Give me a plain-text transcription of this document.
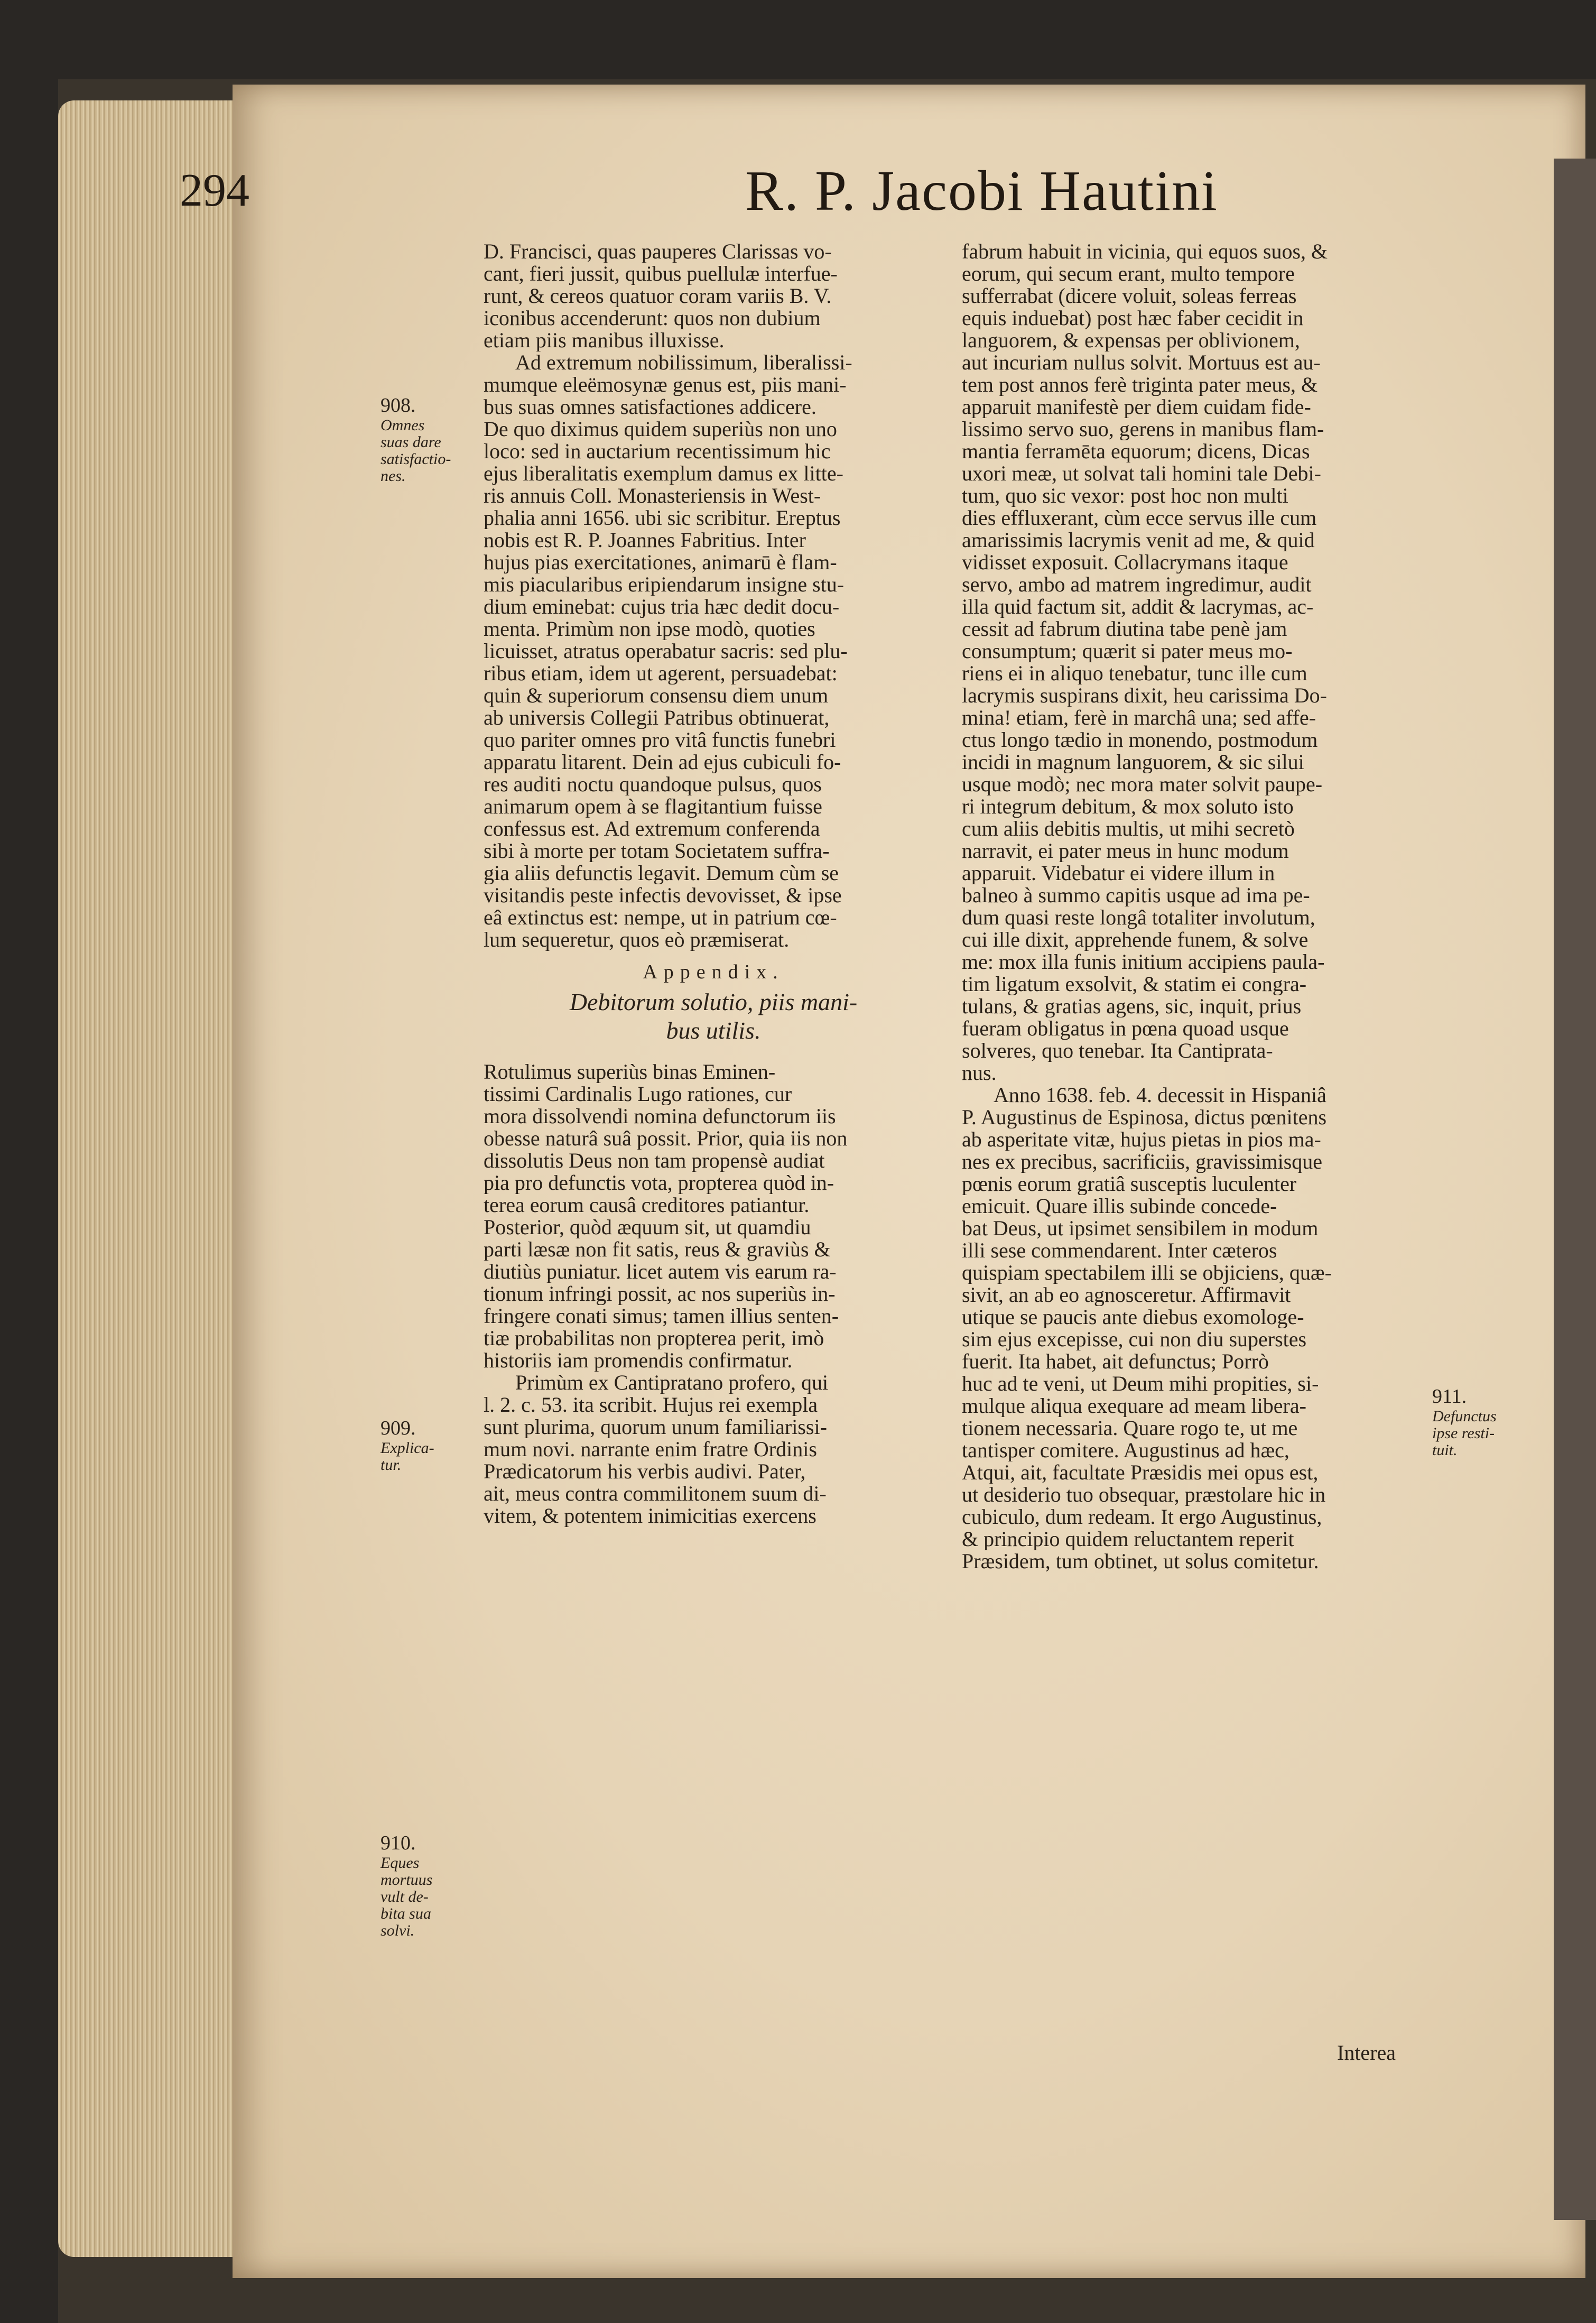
294	R. P. Jacobi Hautini
D. Francisci, quas pauperes Clarissas vo-
cant, fieri jussit, quibus puellulæ interfue-
runt, & cereos quatuor coram variis B. V.
iconibus accenderunt: quos non dubium
etiam piis manibus illuxisse.
Ad extremum nobilissimum, liberalissi-
mumque eleëmosynæ genus est, piis mani-
bus suas omnes satisfactiones addicere.
De quo diximus quidem superiùs non uno
loco: sed in auctarium recentissimum hic
ejus liberalitatis exemplum damus ex litte-
ris annuis Coll. Monasteriensis in West-
phalia anni 1656. ubi sic scribitur. Ereptus
nobis est R. P. Joannes Fabritius. Inter
hujus pias exercitationes, animarū è flam-
mis piacularibus eripiendarum insigne stu-
dium eminebat: cujus tria hæc dedit docu-
menta. Primùm non ipse modò, quoties
licuisset, atratus operabatur sacris: sed plu-
ribus etiam, idem ut agerent, persuadebat:
quin & superiorum consensu diem unum
ab universis Collegii Patribus obtinuerat,
quo pariter omnes pro vitâ functis funebri
apparatu litarent. Dein ad ejus cubiculi fo-
res auditi noctu quandoque pulsus, quos
animarum opem à se flagitantium fuisse
confessus est. Ad extremum conferenda
sibi à morte per totam Societatem suffra-
gia aliis defunctis legavit. Demum cùm se
visitandis peste infectis devovisset, & ipse
eâ extinctus est: nempe, ut in patrium cœ-
lum sequeretur, quos eò præmiserat.
Appendix.
Debitorum solutio, piis mani-
bus utilis.
Rotulimus superiùs binas Eminen-
tissimi Cardinalis Lugo rationes, cur
mora dissolvendi nomina defunctorum iis
obesse naturâ suâ possit. Prior, quia iis non
dissolutis Deus non tam propensè audiat
pia pro defunctis vota, propterea quòd in-
terea eorum causâ creditores patiantur.
Posterior, quòd æquum sit, ut quamdiu
parti læsæ non fit satis, reus & graviùs &
diutiùs puniatur. licet autem vis earum ra-
tionum infringi possit, ac nos superiùs in-
fringere conati simus; tamen illius senten-
tiæ probabilitas non propterea perit, imò
historiis iam promendis confirmatur.
Primùm ex Cantipratano profero, qui
l. 2. c. 53. ita scribit. Hujus rei exempla
sunt plurima, quorum unum familiarissi-
mum novi. narrante enim fratre Ordinis
Prædicatorum his verbis audivi. Pater,
ait, meus contra commilitonem suum di-
vitem, & potentem inimicitias exercens
fabrum habuit in vicinia, qui equos suos, &
eorum, qui secum erant, multo tempore
sufferrabat (dicere voluit, soleas ferreas
equis induebat) post hæc faber cecidit in
languorem, & expensas per oblivionem,
aut incuriam nullus solvit. Mortuus est au-
tem post annos ferè triginta pater meus, &
apparuit manifestè per diem cuidam fide-
lissimo servo suo, gerens in manibus flam-
mantia ferramēta equorum; dicens, Dicas
uxori meæ, ut solvat tali homini tale Debi-
tum, quo sic vexor: post hoc non multi
dies effluxerant, cùm ecce servus ille cum
amarissimis lacrymis venit ad me, & quid
vidisset exposuit. Collacrymans itaque
servo, ambo ad matrem ingredimur, audit
illa quid factum sit, addit & lacrymas, ac-
cessit ad fabrum diutina tabe penè jam
consumptum; quærit si pater meus mo-
riens ei in aliquo tenebatur, tunc ille cum
lacrymis suspirans dixit, heu carissima Do-
mina! etiam, ferè in marchâ una; sed affe-
ctus longo tædio in monendo, postmodum
incidi in magnum languorem, & sic silui
usque modò; nec mora mater solvit paupe-
ri integrum debitum, & mox soluto isto
cum aliis debitis multis, ut mihi secretò
narravit, ei pater meus in hunc modum
apparuit. Videbatur ei videre illum in
balneo à summo capitis usque ad ima pe-
dum quasi reste longâ totaliter involutum,
cui ille dixit, apprehende funem, & solve
me: mox illa funis initium accipiens paula-
tim ligatum exsolvit, & statim ei congra-
tulans, & gratias agens, sic, inquit, prius
fueram obligatus in pœna quoad usque
solveres, quo tenebar. Ita Cantiprata-
nus.
Anno 1638. feb. 4. decessit in Hispaniâ
P. Augustinus de Espinosa, dictus pœnitens
ab asperitate vitæ, hujus pietas in pios ma-
nes ex precibus, sacrificiis, gravissimisque
pœnis eorum gratiâ susceptis luculenter
emicuit. Quare illis subinde concede-
bat Deus, ut ipsimet sensibilem in modum
illi sese commendarent. Inter cæteros
quispiam spectabilem illi se objiciens, quæ-
sivit, an ab eo agnosceretur. Affirmavit
utique se paucis ante diebus exomologe-
sim ejus excepisse, cui non diu superstes
fuerit. Ita habet, ait defunctus; Porrò
huc ad te veni, ut Deum mihi propities, si-
mulque aliqua exequare ad meam libera-
tionem necessaria. Quare rogo te, ut me
tantisper comitere. Augustinus ad hæc,
Atqui, ait, facultate Præsidis mei opus est,
ut desiderio tuo obsequar, præstolare hic in
cubiculo, dum redeam. It ergo Augustinus,
& principio quidem reluctantem reperit
Præsidem, tum obtinet, ut solus comitetur.
Interea
908.
Omnes
suas dare
satisfactio-
nes.
909.
Explica-
tur.
910.
Eques
mortuus
vult de-
bita sua
solvi.
911.
Defunctus
ipse resti-
tuit.
